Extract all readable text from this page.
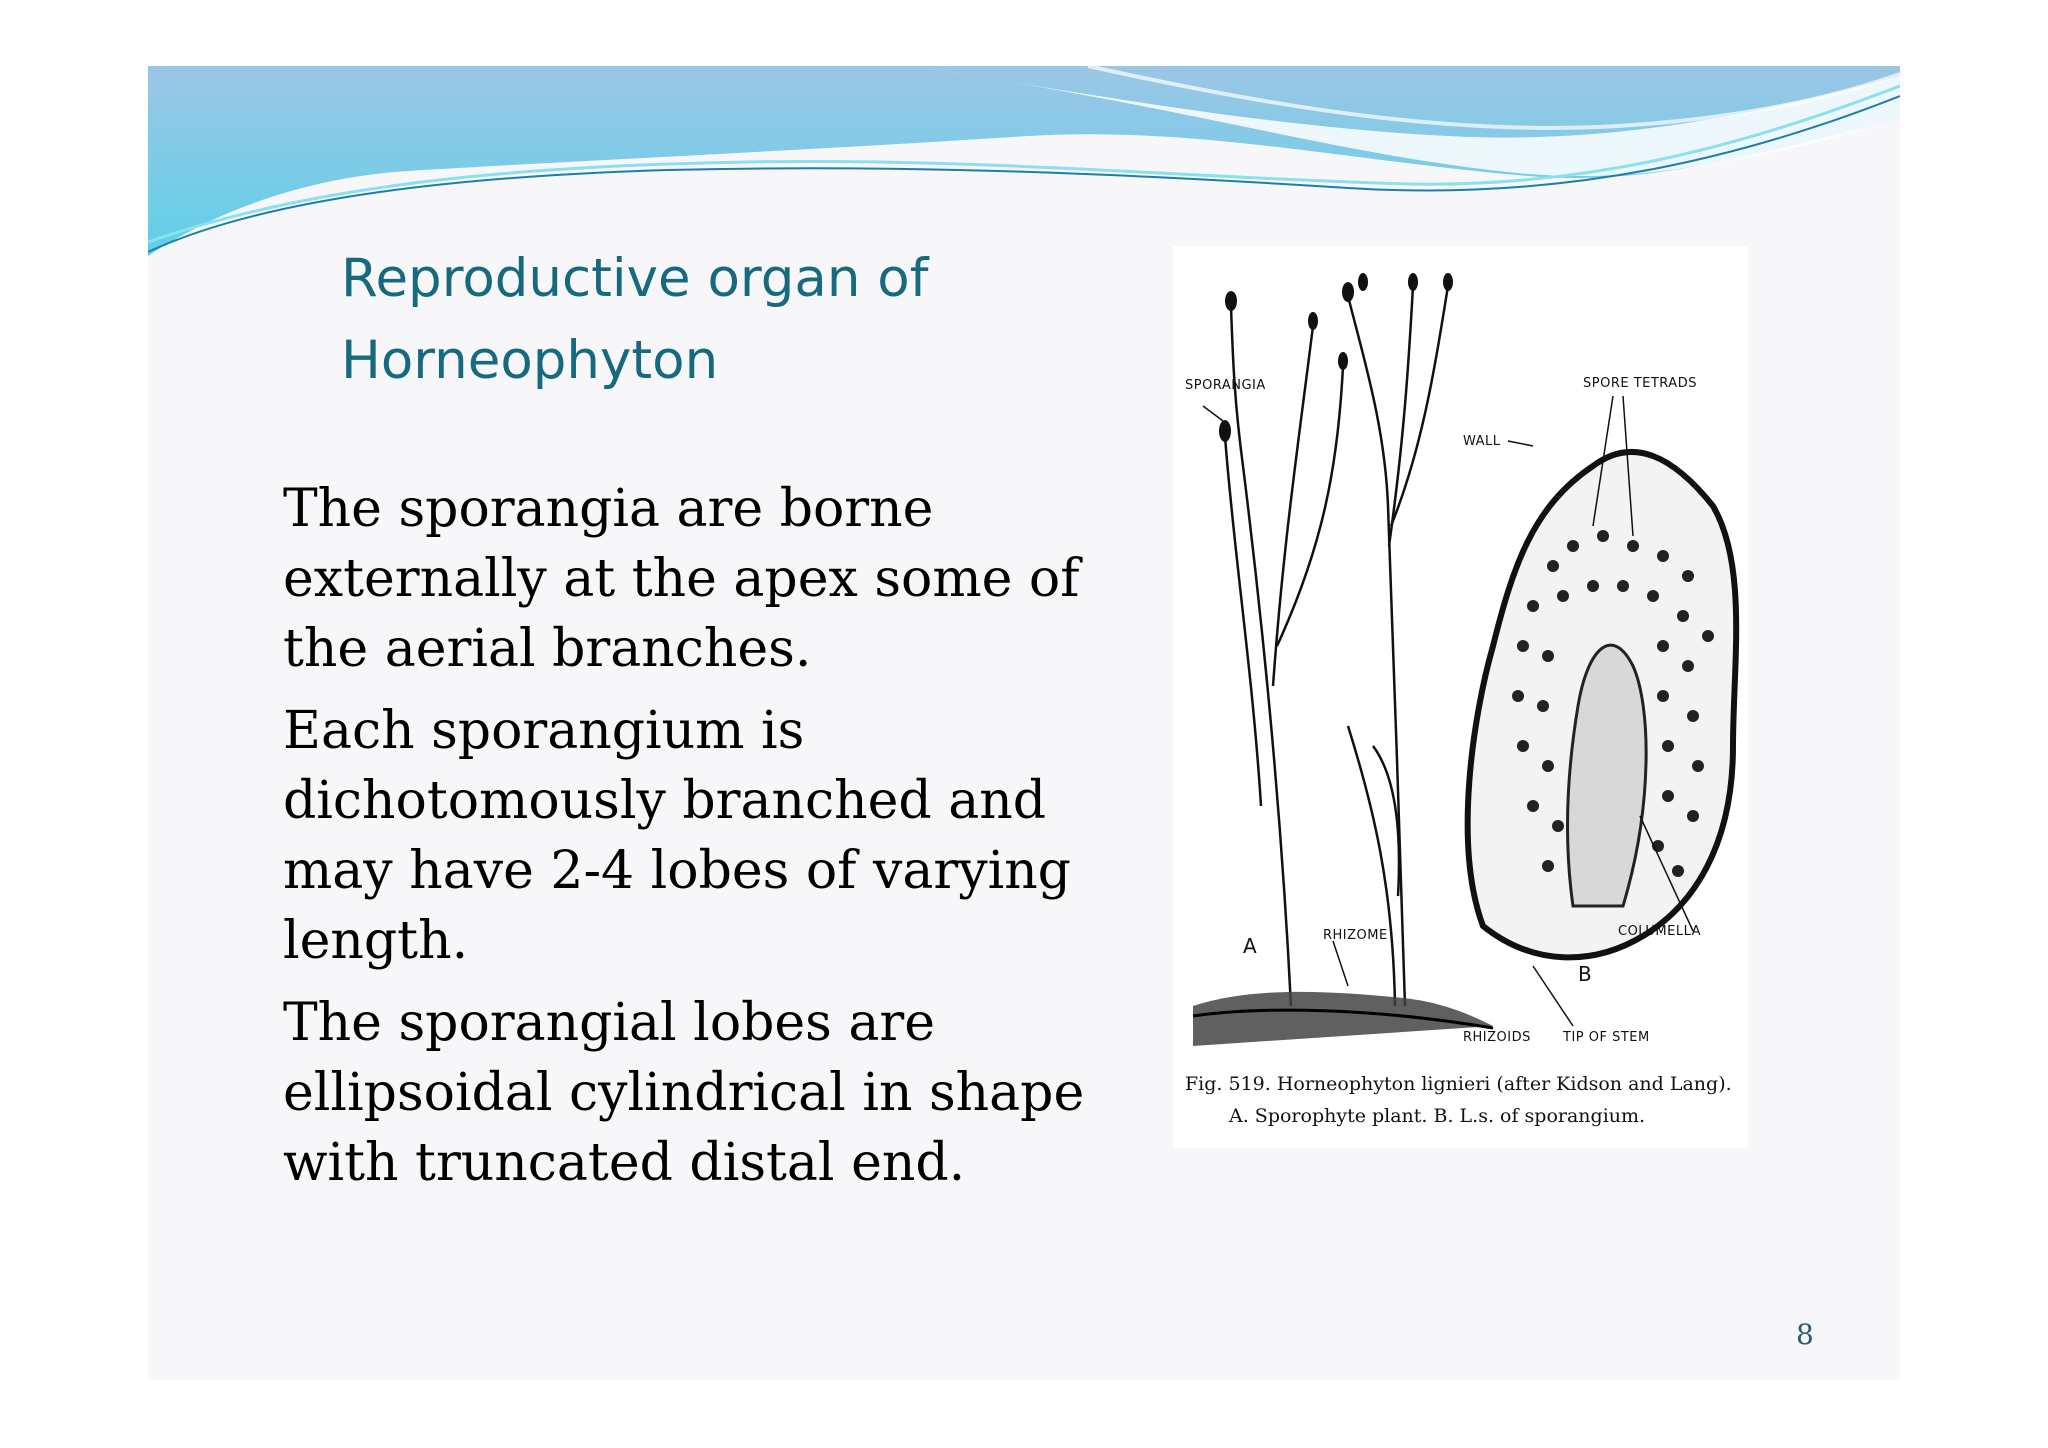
Reproductive organ of
Horneophyton

The sporangia are borne externally at the apex some of the aerial branches.

Each sporangium is dichotomously branched and may have 2-4 lobes of varying length.

The sporangial lobes are ellipsoidal cylindrical in shape with truncated distal end.

SPORANGIA	SPORE TETRADS
WALL
RHIZOME	COLUMELLA
RHIZOIDS TIP OF STEM
A
B
Fig. 519. Horneophyton lignieri (after Kidson and Lang).
A. Sporophyte plant. B. L.s. of sporangium.
8
